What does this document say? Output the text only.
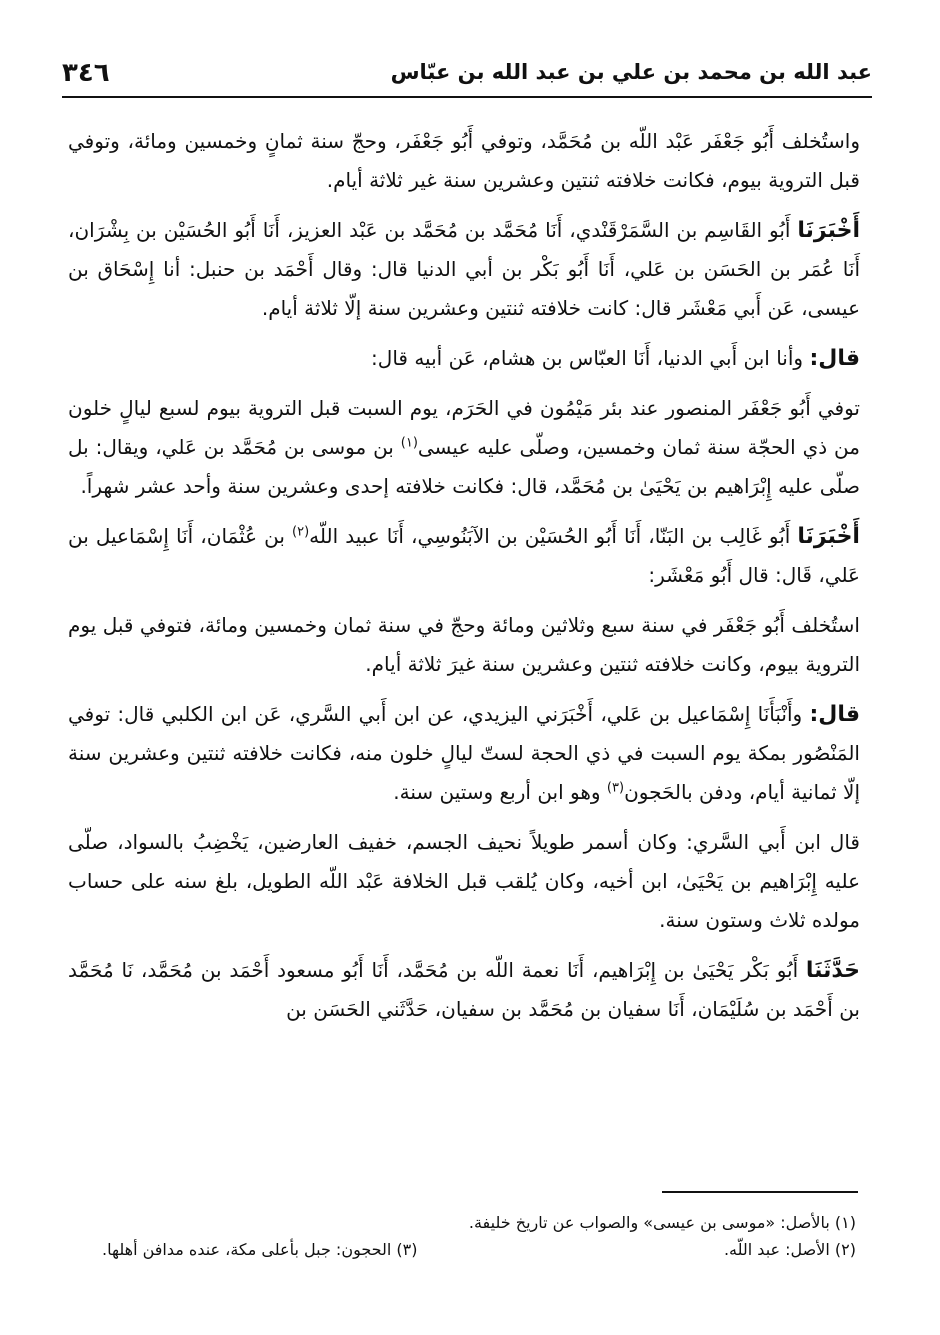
عبد الله بن محمد بن علي بن عبد الله بن عبّاس
٣٤٦

واستُخلف أَبُو جَعْفَر عَبْد اللّه بن مُحَمَّد، وتوفي أَبُو جَعْفَر، وحجّ سنة ثمانٍ وخمسين ومائة، وتوفي قبل التروية بيوم، فكانت خلافته ثنتين وعشرين سنة غير ثلاثة أيام.

أَخْبَرَنَا أَبُو القَاسِم بن السَّمَرْقَنْدي، أَنَا مُحَمَّد بن مُحَمَّد بن عَبْد العزيز، أَنَا أَبُو الحُسَيْن بن بِشْرَان، أَنَا عُمَر بن الحَسَن بن عَلي، أَنَا أَبُو بَكْر بن أبي الدنيا قال: وقال أَحْمَد بن حنبل: أنا إِسْحَاق بن عيسى، عَن أَبي مَعْشَر قال: كانت خلافته ثنتين وعشرين سنة إلّا ثلاثة أيام.

قال: وأنا ابن أَبي الدنيا، أَنَا العبّاس بن هشام، عَن أبيه قال:

توفي أَبُو جَعْفَر المنصور عند بئر مَيْمُون في الحَرَم، يوم السبت قبل التروية بيوم لسبع ليالٍ خلون من ذي الحجّة سنة ثمان وخمسين، وصلّى عليه عيسى$^{(١)}$ بن موسى بن مُحَمَّد بن عَلي، ويقال: بل صلّى عليه إِبْرَاهيم بن يَحْيَىٰ بن مُحَمَّد، قال: فكانت خلافته إحدى وعشرين سنة وأحد عشر شهراً.

أَخْبَرَنَا أَبُو غَالِب بن البَنّا، أَنَا أَبُو الحُسَيْن بن الآبَنُوسِي، أَنَا عبيد اللّه$^{(٢)}$ بن عُثْمَان، أَنَا إِسْمَاعيل بن عَلي، قَال: قال أَبُو مَعْشَر:

استُخلف أَبُو جَعْفَر في سنة سبع وثلاثين ومائة وحجّ في سنة ثمان وخمسين ومائة، فتوفي قبل يوم التروية بيوم، وكانت خلافته ثنتين وعشرين سنة غيرَ ثلاثة أيام.

قال: وأَنْبَأَنَا إِسْمَاعيل بن عَلي، أَخْبَرَني اليزيدي، عن ابن أَبي السَّري، عَن ابن الكلبي قال: توفي المَنْصُور بمكة يوم السبت في ذي الحجة لستّ ليالٍ خلون منه، فكانت خلافته ثنتين وعشرين سنة إلّا ثمانية أيام، ودفن بالحَجون$^{(٣)}$ وهو ابن أربع وستين سنة.

قال ابن أَبي السَّري: وكان أسمر طويلاً نحيف الجسم، خفيف العارضين، يَخْضِبُ بالسواد، صلّى عليه إِبْرَاهيم بن يَحْيَىٰ، ابن أخيه، وكان يُلقب قبل الخلافة عَبْد اللّه الطويل، بلغ سنه على حساب مولده ثلاث وستون سنة.

حَدَّثَنَا أَبُو بَكْر يَحْيَىٰ بن إِبْرَاهيم، أَنَا نعمة اللّه بن مُحَمَّد، أَنَا أَبُو مسعود أَحْمَد بن مُحَمَّد، نَا مُحَمَّد بن أَحْمَد بن سُلَيْمَان، أَنَا سفيان بن مُحَمَّد بن سفيان، حَدَّثَني الحَسَن بن

(١) بالأصل: «موسى بن عيسى» والصواب عن تاريخ خليفة.
(٢) الأصل: عبد اللّه.
(٣) الحجون: جبل بأعلى مكة، عنده مدافن أهلها.
